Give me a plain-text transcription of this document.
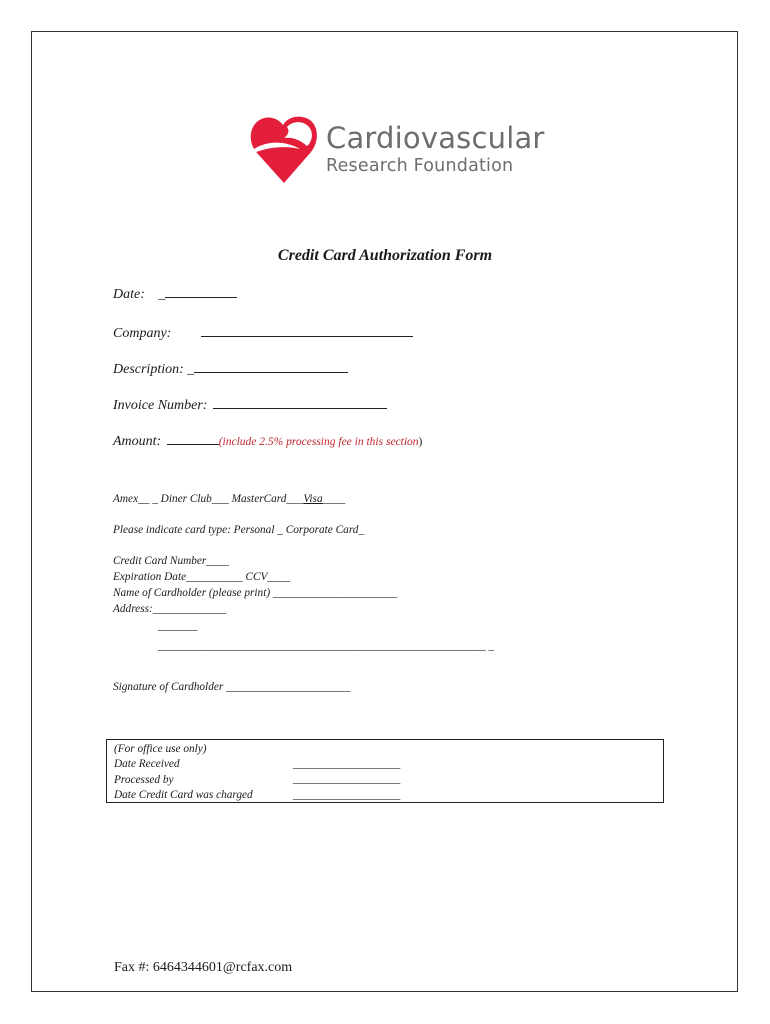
Cardiovascular
Research Foundation
Credit Card Authorization Form
Date: _
Company:
Description: _
Invoice Number:
Amount:	(include 2.5% processing fee in this section)
Amex__ _ Diner Club___ MasterCard___Visa____
Please indicate card type: Personal _ Corporate Card_
Credit Card Number____
Expiration Date__________ CCV____
Name of Cardholder (please print) ______________________
Address:_____________
_______
__________________________________________________________ _
Signature of Cardholder ______________________
(For office use only)
Date Received
Processed by
Date Credit Card was charged
___________________
___________________
___________________
Fax #: 6464344601@rcfax.com
